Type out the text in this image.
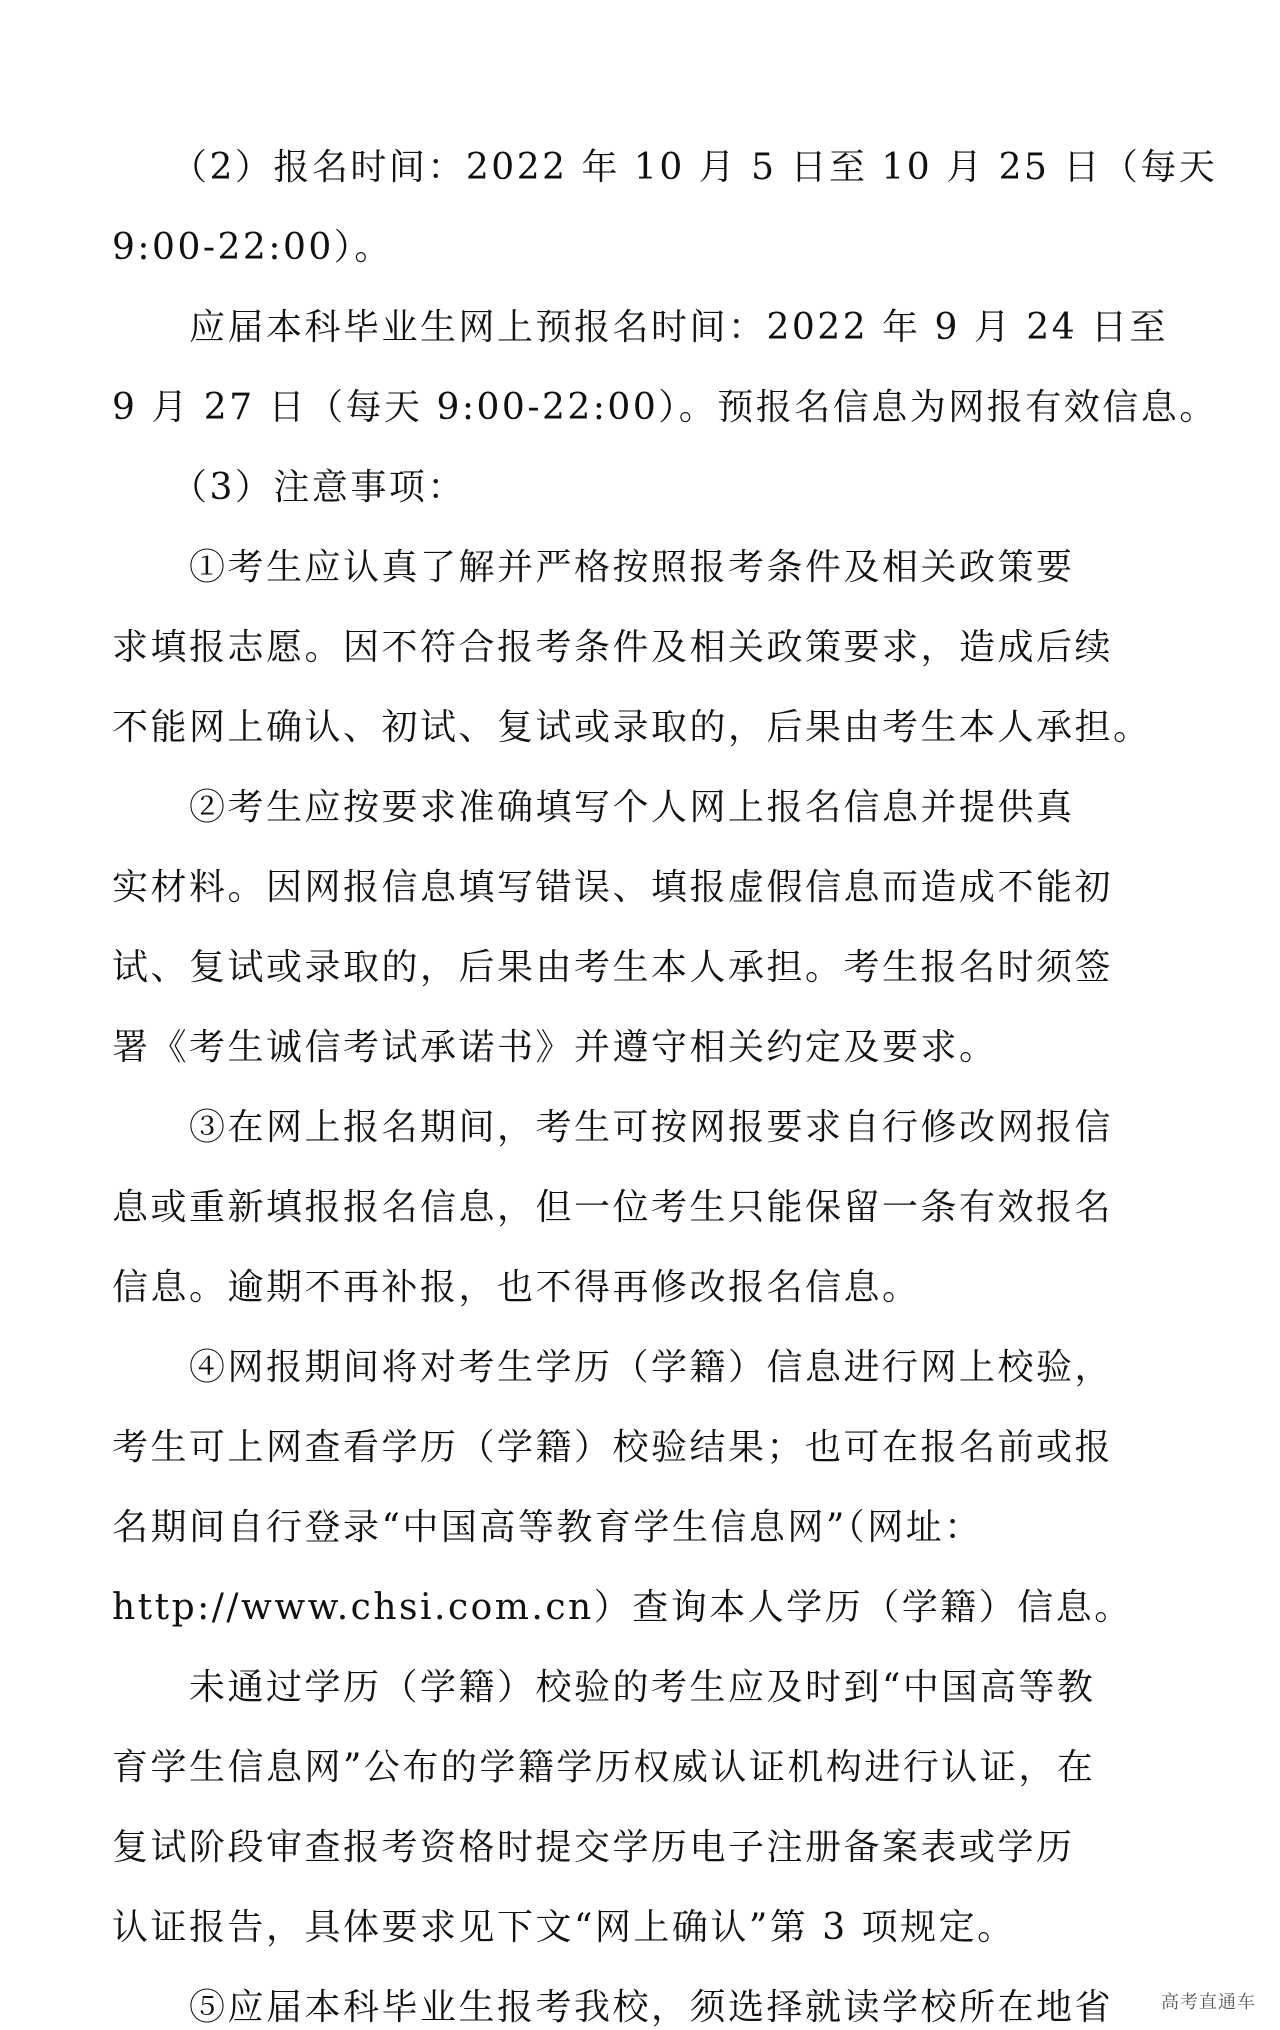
　　（2）报名时间：2022 年 10 月 5 日至 10 月 25 日（每天
9:00-22:00）。
　　应届本科毕业生网上预报名时间：2022 年 9 月 24 日至
9 月 27 日（每天 9:00-22:00）。预报名信息为网报有效信息。
　　（3）注意事项：
　　①考生应认真了解并严格按照报考条件及相关政策要
求填报志愿。因不符合报考条件及相关政策要求，造成后续
不能网上确认、初试、复试或录取的，后果由考生本人承担。
　　②考生应按要求准确填写个人网上报名信息并提供真
实材料。因网报信息填写错误、填报虚假信息而造成不能初
试、复试或录取的，后果由考生本人承担。考生报名时须签
署《考生诚信考试承诺书》并遵守相关约定及要求。
　　③在网上报名期间，考生可按网报要求自行修改网报信
息或重新填报报名信息，但一位考生只能保留一条有效报名
信息。逾期不再补报，也不得再修改报名信息。
　　④网报期间将对考生学历（学籍）信息进行网上校验，
考生可上网查看学历（学籍）校验结果；也可在报名前或报
名期间自行登录“中国高等教育学生信息网”（网址：
http://www.chsi.com.cn）查询本人学历（学籍）信息。
　　未通过学历（学籍）校验的考生应及时到“中国高等教
育学生信息网”公布的学籍学历权威认证机构进行认证，在
复试阶段审查报考资格时提交学历电子注册备案表或学历
认证报告，具体要求见下文“网上确认”第 3 项规定。
　　⑤应届本科毕业生报考我校，须选择就读学校所在地省	高考直通车
